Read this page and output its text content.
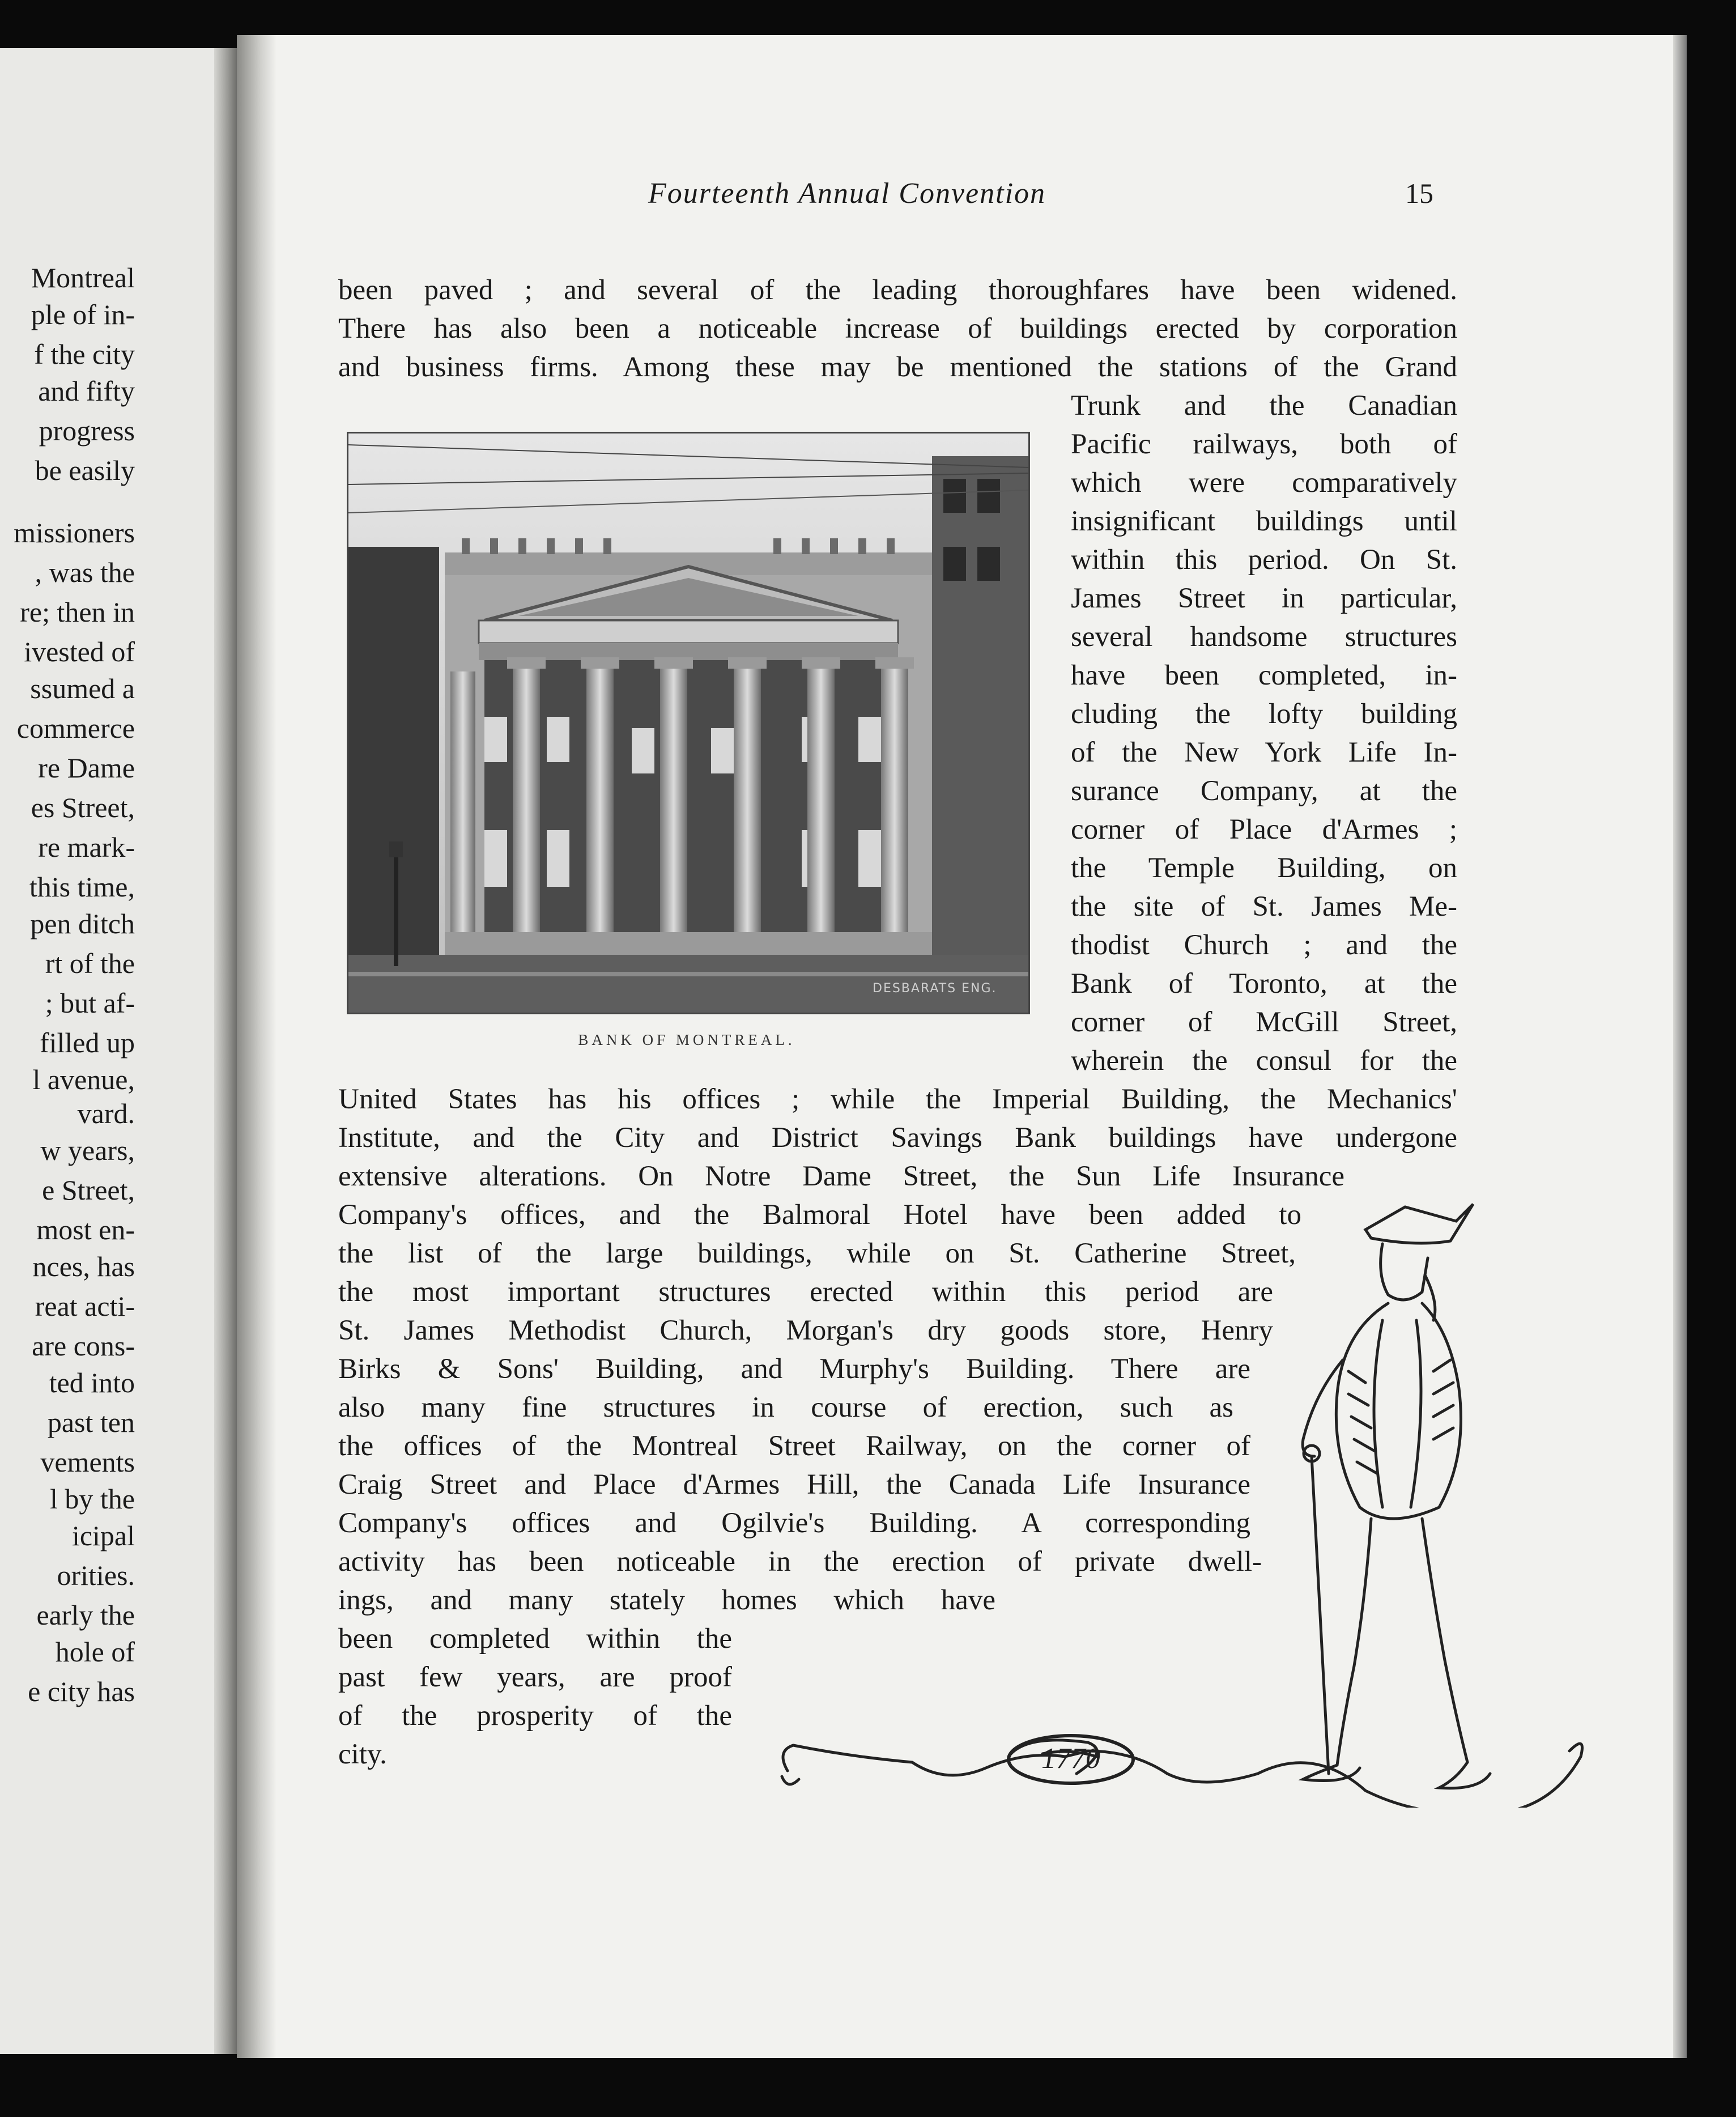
Montreal
ple of in-
f the city
and fifty
progress
be easily
missioners
, was the
re; then in
ivested of
ssumed a
commerce
re Dame
es Street,
re mark-
this time,
pen ditch
rt of the
; but af-
filled up
l avenue,
vard.
w years,
e Street,
most en-
nces, has
reat acti-
are cons-
ted into
past ten
vements
l by the
icipal
orities.
early the
hole of
e city has
Fourteenth Annual Convention	15
been paved ; and several of the leading thoroughfares have been widened.
There has also been a noticeable increase of buildings erected by corporation
and business firms. Among these may be mentioned the stations of the Grand
Trunk and the Canadian
Pacific railways, both of
which were comparatively
insignificant buildings until
within this period. On St.
James Street in particular,
several handsome structures
have been completed, in-
cluding the lofty building
of the New York Life In-
surance Company, at the
corner of Place d'Armes ;
the Temple Building, on
the site of St. James Me-
thodist Church ; and the
Bank of Toronto, at the
corner of McGill Street,
wherein the consul for the
United States has his offices ; while the Imperial Building, the Mechanics'
Institute, and the City and District Savings Bank buildings have undergone
extensive alterations. On Notre Dame Street, the Sun Life Insurance
Company's offices, and the Balmoral Hotel have been added to
the list of the large buildings, while on St. Catherine Street,
the most important structures erected within this period are
St. James Methodist Church, Morgan's dry goods store, Henry
Birks & Sons' Building, and Murphy's Building. There are
also many fine structures in course of erection, such as
the offices of the Montreal Street Railway, on the corner of
Craig Street and Place d'Armes Hill, the Canada Life Insurance
Company's offices and Ogilvie's Building. A corresponding
activity has been noticeable in the erection of private dwell-
ings, and many stately homes which have
been completed within the
past few years, are proof
of the prosperity of the
city.
DESBARATS ENG.
BANK OF MONTREAL.
1770
